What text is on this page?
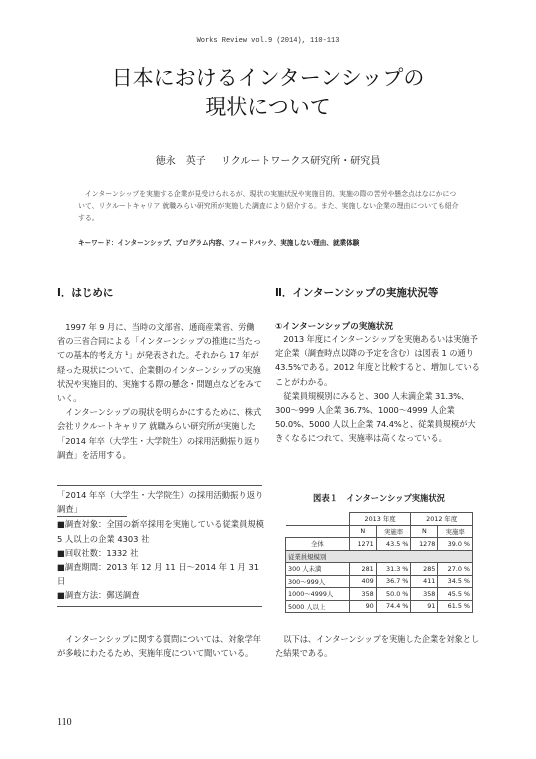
Works Review vol.9 (2014), 110-113
日本におけるインターンシップの
現状について
徳永　英子 リクルートワークス研究所・研究員

インターンシップを実施する企業が見受けられるが、現状の実施状況や実施目的、実施の際の苦労や懸念点はなにかについて、リクルートキャリア 就職みらい研究所が実施した調査により紹介する。また、実施しない企業の理由についても紹介する。

キーワード：インターンシップ、プログラム内容、フィードバック、実施しない理由、就業体験

Ⅰ．はじめに

1997 年 9 月に、当時の文部省、通商産業省、労働省の三省合同による「インターンシップの推進に当たっての基本的考え方 ¹」が発表された。それから 17 年が経った現状について、企業側のインターンシップの実施状況や実施目的、実施する際の懸念・問題点などをみていく。

インターンシップの現状を明らかにするために、株式会社リクルートキャリア 就職みらい研究所が実施した「2014 年卒（大学生・大学院生）の採用活動振り返り調査」を活用する。

「2014 年卒（大学生・大学院生）の採用活動振り返り調査」

■調査対象：全国の新卒採用を実施している従業員規模 5 人以上の企業 4303 社

■回収社数：1332 社

■調査期間：2013 年 12 月 11 日～2014 年 1 月 31 日

■調査方法：郵送調査

インターンシップに関する質問については、対象学年が多岐にわたるため、実施年度について聞いている。

Ⅱ．インターンシップの実施状況等
①インターンシップの実施状況

2013 年度にインターンシップを実施あるいは実施予定企業（調査時点以降の予定を含む）は図表 1 の通り 43.5%である。2012 年度と比較すると、増加していることがわかる。

従業員規模別にみると、300 人未満企業 31.3%、300～999 人企業 36.7%、1000～4999 人企業 50.0%、5000 人以上企業 74.4%と、従業員規模が大きくなるにつれて、実施率は高くなっている。

図表１　インターンシップ実施状況
	2013 年度		2012 年度	
	N	実施率	N	実施率
全体	1271	43.5 %	1278	39.0 %
従業員規模別				
300 人未満	281	31.3 %	285	27.0 %
300～999人	409	36.7 %	411	34.5 %
1000～4999人	358	50.0 %	358	45.5 %
5000 人以上	90	74.4 %	91	61.5 %

以下は、インターンシップを実施した企業を対象とした結果である。

110
